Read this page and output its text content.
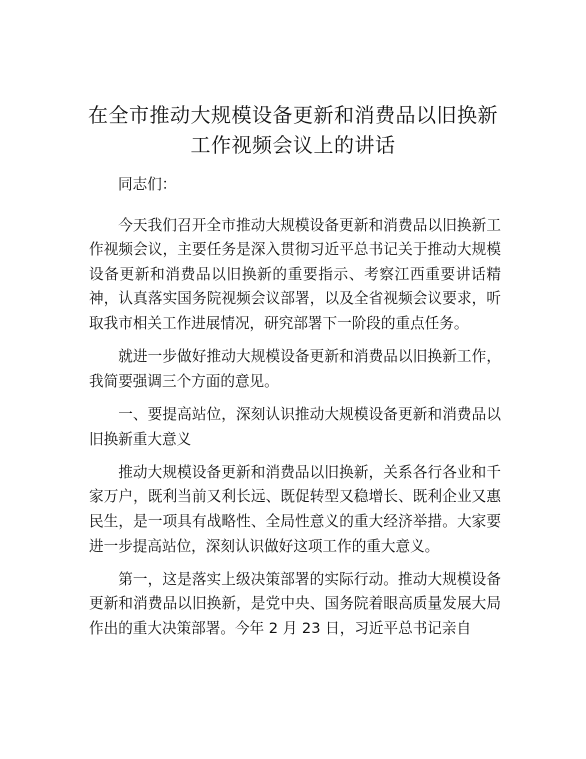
在全市推动大规模设备更新和消费品以旧换新
工作视频会议上的讲话

同志们：

今天我们召开全市推动大规模设备更新和消费品以旧换新工作视频会议，主要任务是深入贯彻习近平总书记关于推动大规模设备更新和消费品以旧换新的重要指示、考察江西重要讲话精神，认真落实国务院视频会议部署，以及全省视频会议要求，听取我市相关工作进展情况，研究部署下一阶段的重点任务。

就进一步做好推动大规模设备更新和消费品以旧换新工作，我简要强调三个方面的意见。

一、要提高站位，深刻认识推动大规模设备更新和消费品以旧换新重大意义

推动大规模设备更新和消费品以旧换新，关系各行各业和千家万户，既利当前又利长远、既促转型又稳增长、既利企业又惠民生，是一项具有战略性、全局性意义的重大经济举措。大家要进一步提高站位，深刻认识做好这项工作的重大意义。

第一，这是落实上级决策部署的实际行动。推动大规模设备更新和消费品以旧换新，是党中央、国务院着眼高质量发展大局作出的重大决策部署。今年 2 月 23 日，习近平总书记亲自
